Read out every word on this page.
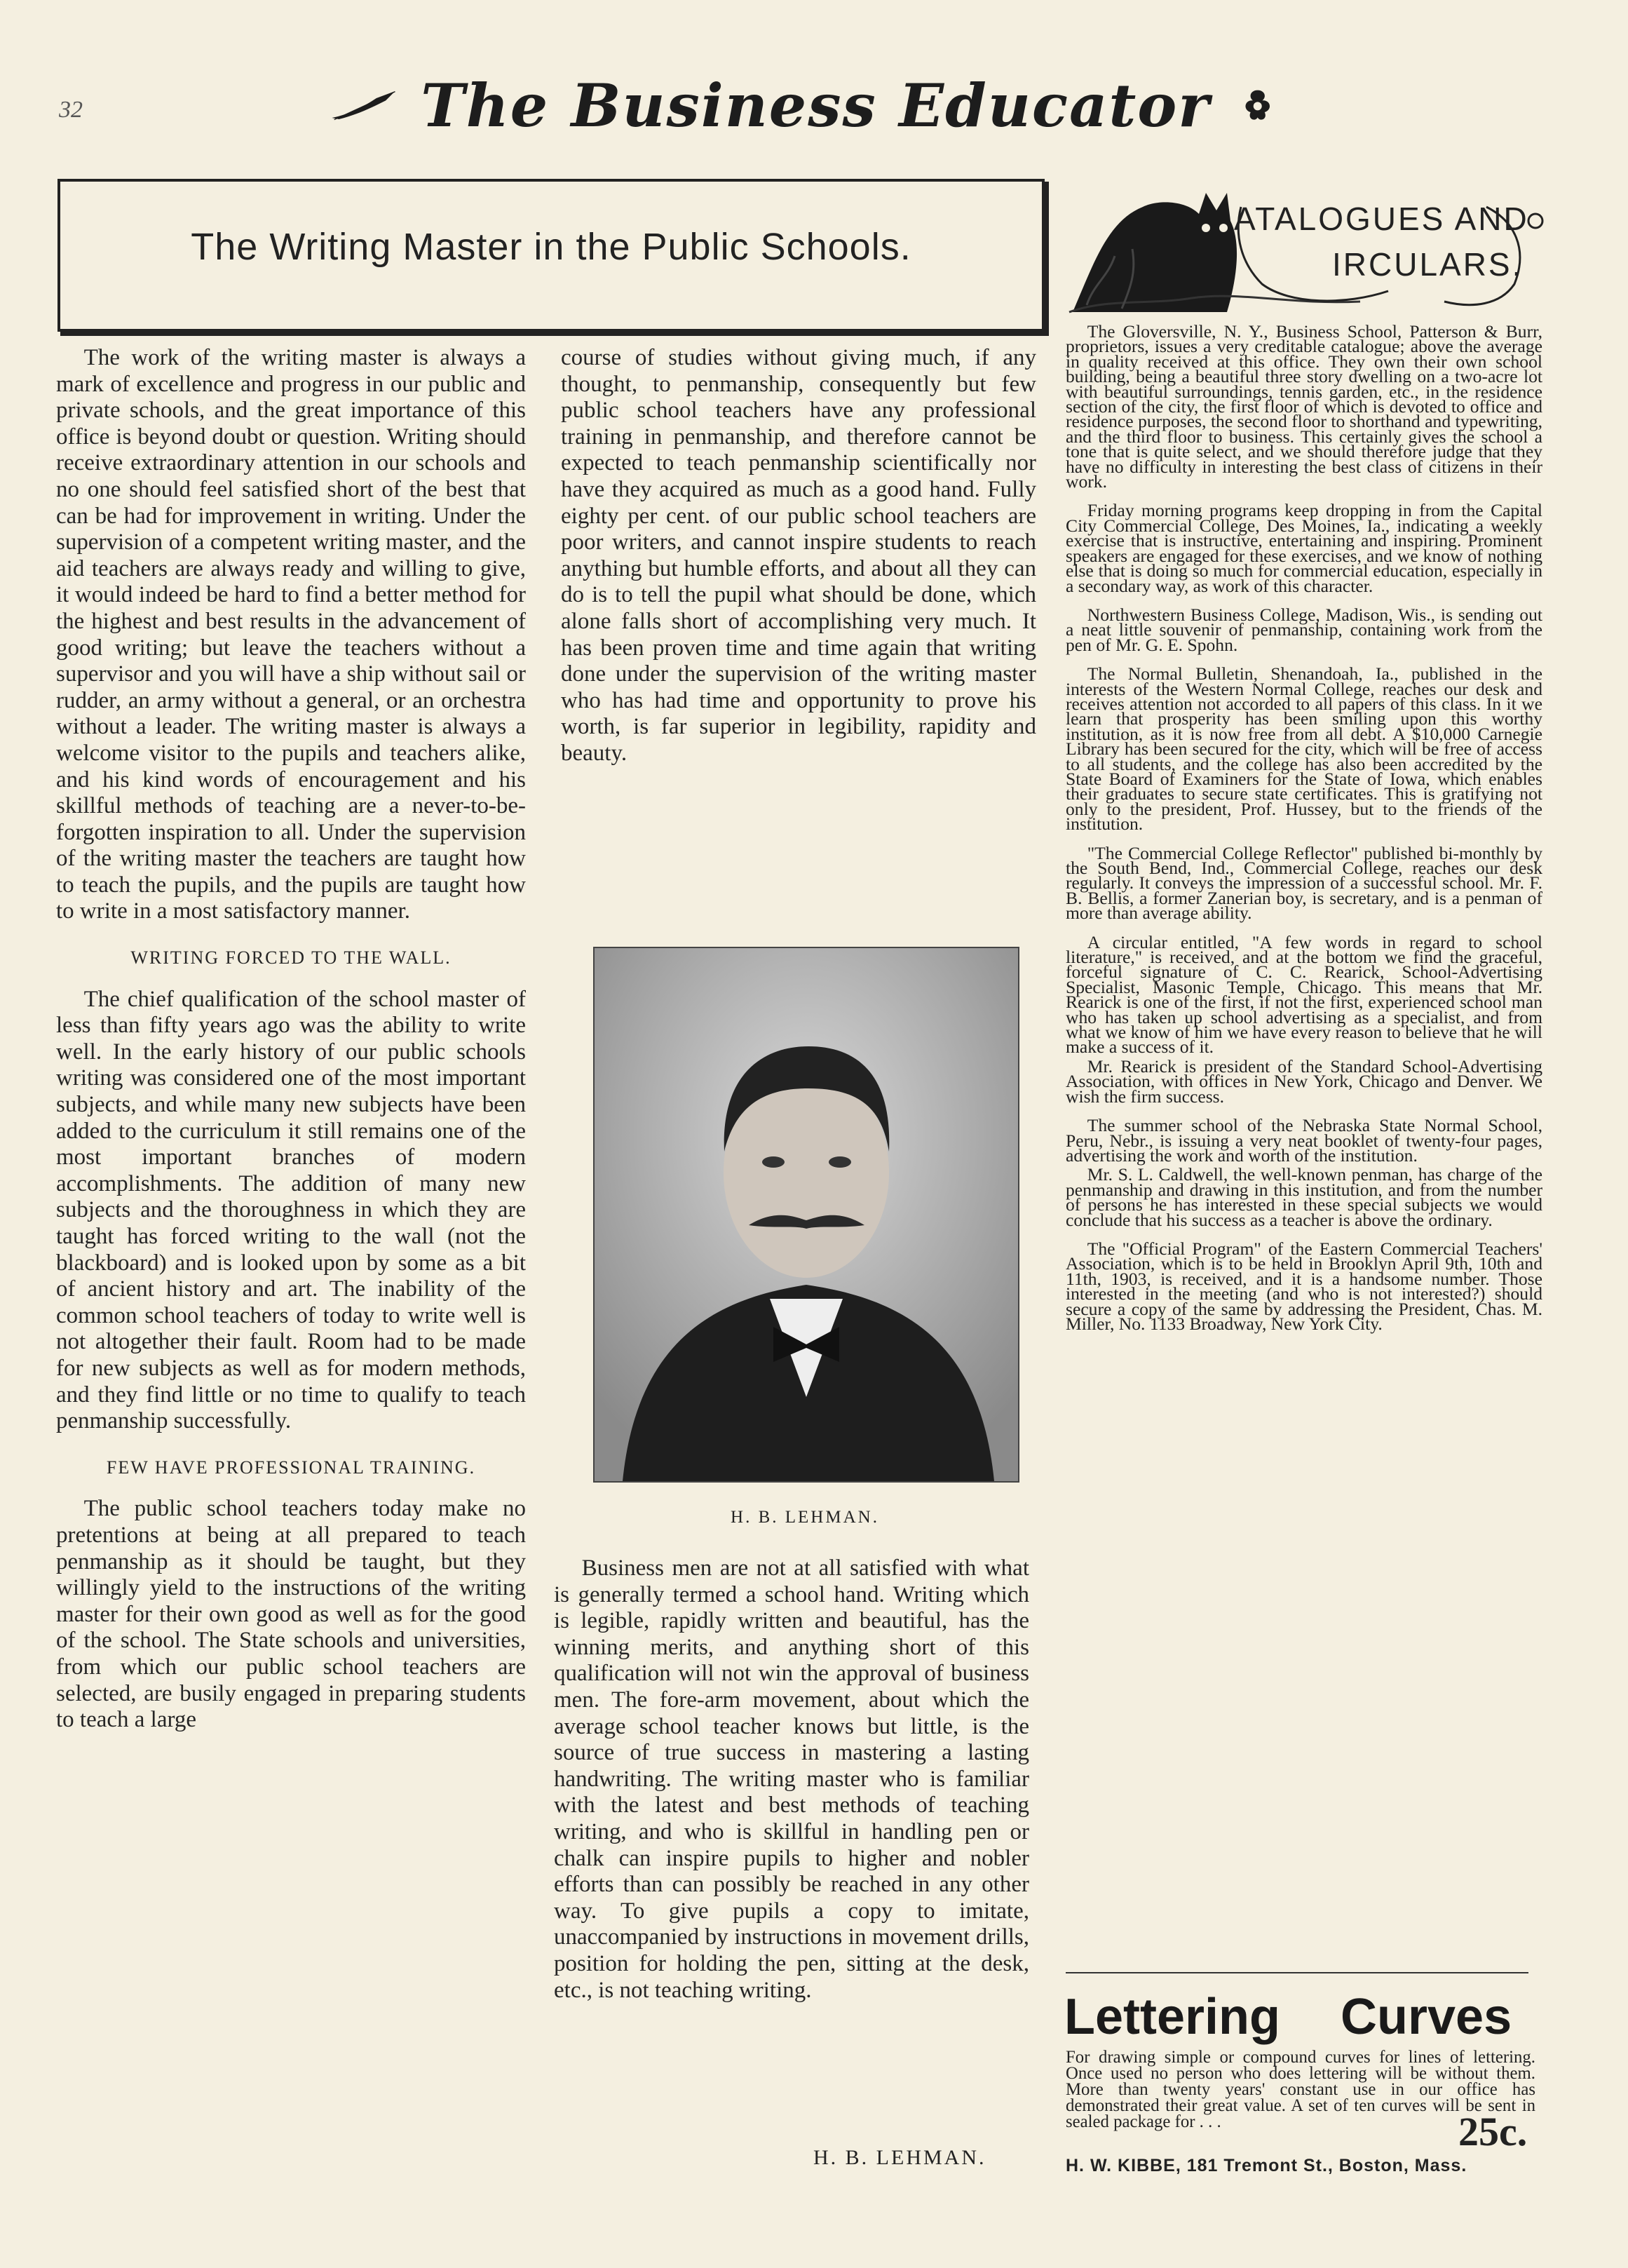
32	The Business Educator
The Writing Master in the Public Schools.

The work of the writing master is always a mark of excellence and progress in our public and private schools, and the great importance of this office is beyond doubt or question. Writing should receive extraordinary attention in our schools and no one should feel satisfied short of the best that can be had for improvement in writing. Under the supervision of a competent writing master, and the aid teachers are always ready and willing to give, it would indeed be hard to find a better method for the highest and best results in the advancement of good writing; but leave the teachers without a supervisor and you will have a ship without sail or rudder, an army without a general, or an orchestra without a leader. The writing master is always a welcome visitor to the pupils and teachers alike, and his kind words of encouragement and his skillful methods of teaching are a never-to-be-forgotten inspiration to all. Under the supervision of the writing master the teachers are taught how to teach the pupils, and the pupils are taught how to write in a most satisfactory manner.

WRITING FORCED TO THE WALL.

The chief qualification of the school master of less than fifty years ago was the ability to write well. In the early history of our public schools writing was considered one of the most important subjects, and while many new subjects have been added to the curriculum it still remains one of the most important branches of modern accomplishments. The addition of many new subjects and the thoroughness in which they are taught has forced writing to the wall (not the blackboard) and is looked upon by some as a bit of ancient history and art. The inability of the common school teachers of today to write well is not altogether their fault. Room had to be made for new subjects as well as for modern methods, and they find little or no time to qualify to teach penmanship successfully.

FEW HAVE PROFESSIONAL TRAINING.

The public school teachers today make no pretentions at being at all prepared to teach penmanship as it should be taught, but they willingly yield to the instructions of the writing master for their own good as well as for the good of the school. The State schools and universities, from which our public school teachers are selected, are busily engaged in preparing students to teach a large

course of studies without giving much, if any thought, to penmanship, consequently but few public school teachers have any professional training in penmanship, and therefore cannot be expected to teach penmanship scientifically nor have they acquired as much as a good hand. Fully eighty per cent. of our public school teachers are poor writers, and cannot inspire students to reach anything but humble efforts, and about all they can do is to tell the pupil what should be done, which alone falls short of accomplishing very much. It has been proven time and time again that writing done under the supervision of the writing master who has had time and opportunity to prove his worth, is far superior in legibility, rapidity and beauty.

H. B. LEHMAN.

Business men are not at all satisfied with what is generally termed a school hand. Writing which is legible, rapidly written and beautiful, has the winning merits, and anything short of this qualification will not win the approval of business men. The fore-arm movement, about which the average school teacher knows but little, is the source of true success in mastering a lasting handwriting. The writing master who is familiar with the latest and best methods of teaching writing, and who is skillful in handling pen or chalk can inspire pupils to higher and nobler efforts than can possibly be reached in any other way. To give pupils a copy to imitate, unaccompanied by instructions in movement drills, position for holding the pen, sitting at the desk, etc., is not teaching writing.

H. B. LEHMAN.
ATALOGUES AND
IRCULARS.

The Gloversville, N. Y., Business School, Patterson & Burr, proprietors, issues a very creditable catalogue; above the average in quality received at this office. They own their own school building, being a beautiful three story dwelling on a two-acre lot with beautiful surroundings, tennis garden, etc., in the residence section of the city, the first floor of which is devoted to office and residence purposes, the second floor to shorthand and typewriting, and the third floor to business. This certainly gives the school a tone that is quite select, and we should therefore judge that they have no difficulty in interesting the best class of citizens in their work.

Friday morning programs keep dropping in from the Capital City Commercial College, Des Moines, Ia., indicating a weekly exercise that is instructive, entertaining and inspiring. Prominent speakers are engaged for these exercises, and we know of nothing else that is doing so much for commercial education, especially in a secondary way, as work of this character.

Northwestern Business College, Madison, Wis., is sending out a neat little souvenir of penmanship, containing work from the pen of Mr. G. E. Spohn.

The Normal Bulletin, Shenandoah, Ia., published in the interests of the Western Normal College, reaches our desk and receives attention not accorded to all papers of this class. In it we learn that prosperity has been smiling upon this worthy institution, as it is now free from all debt. A $10,000 Carnegie Library has been secured for the city, which will be free of access to all students, and the college has also been accredited by the State Board of Examiners for the State of Iowa, which enables their graduates to secure state certificates. This is gratifying not only to the president, Prof. Hussey, but to the friends of the institution.

"The Commercial College Reflector" published bi-monthly by the South Bend, Ind., Commercial College, reaches our desk regularly. It conveys the impression of a successful school. Mr. F. B. Bellis, a former Zanerian boy, is secretary, and is a penman of more than average ability.

A circular entitled, "A few words in regard to school literature," is received, and at the bottom we find the graceful, forceful signature of C. C. Rearick, School-Advertising Specialist, Masonic Temple, Chicago. This means that Mr. Rearick is one of the first, if not the first, experienced school man who has taken up school advertising as a specialist, and from what we know of him we have every reason to believe that he will make a success of it.

Mr. Rearick is president of the Standard School-Advertising Association, with offices in New York, Chicago and Denver. We wish the firm success.

The summer school of the Nebraska State Normal School, Peru, Nebr., is issuing a very neat booklet of twenty-four pages, advertising the work and worth of the institution.

Mr. S. L. Caldwell, the well-known penman, has charge of the penmanship and drawing in this institution, and from the number of persons he has interested in these special subjects we would conclude that his success as a teacher is above the ordinary.

The "Official Program" of the Eastern Commercial Teachers' Association, which is to be held in Brooklyn April 9th, 10th and 11th, 1903, is received, and it is a handsome number. Those interested in the meeting (and who is not interested?) should secure a copy of the same by addressing the President, Chas. M. Miller, No. 1133 Broadway, New York City.

Lettering Curves
For drawing simple or compound curves for lines of lettering. Once used no person who does lettering will be without them. More than twenty years' constant use in our office has demonstrated their great value. A set of ten curves will be sent in sealed package for . . .	25c.
H. W. KIBBE, 181 Tremont St., Boston, Mass.
